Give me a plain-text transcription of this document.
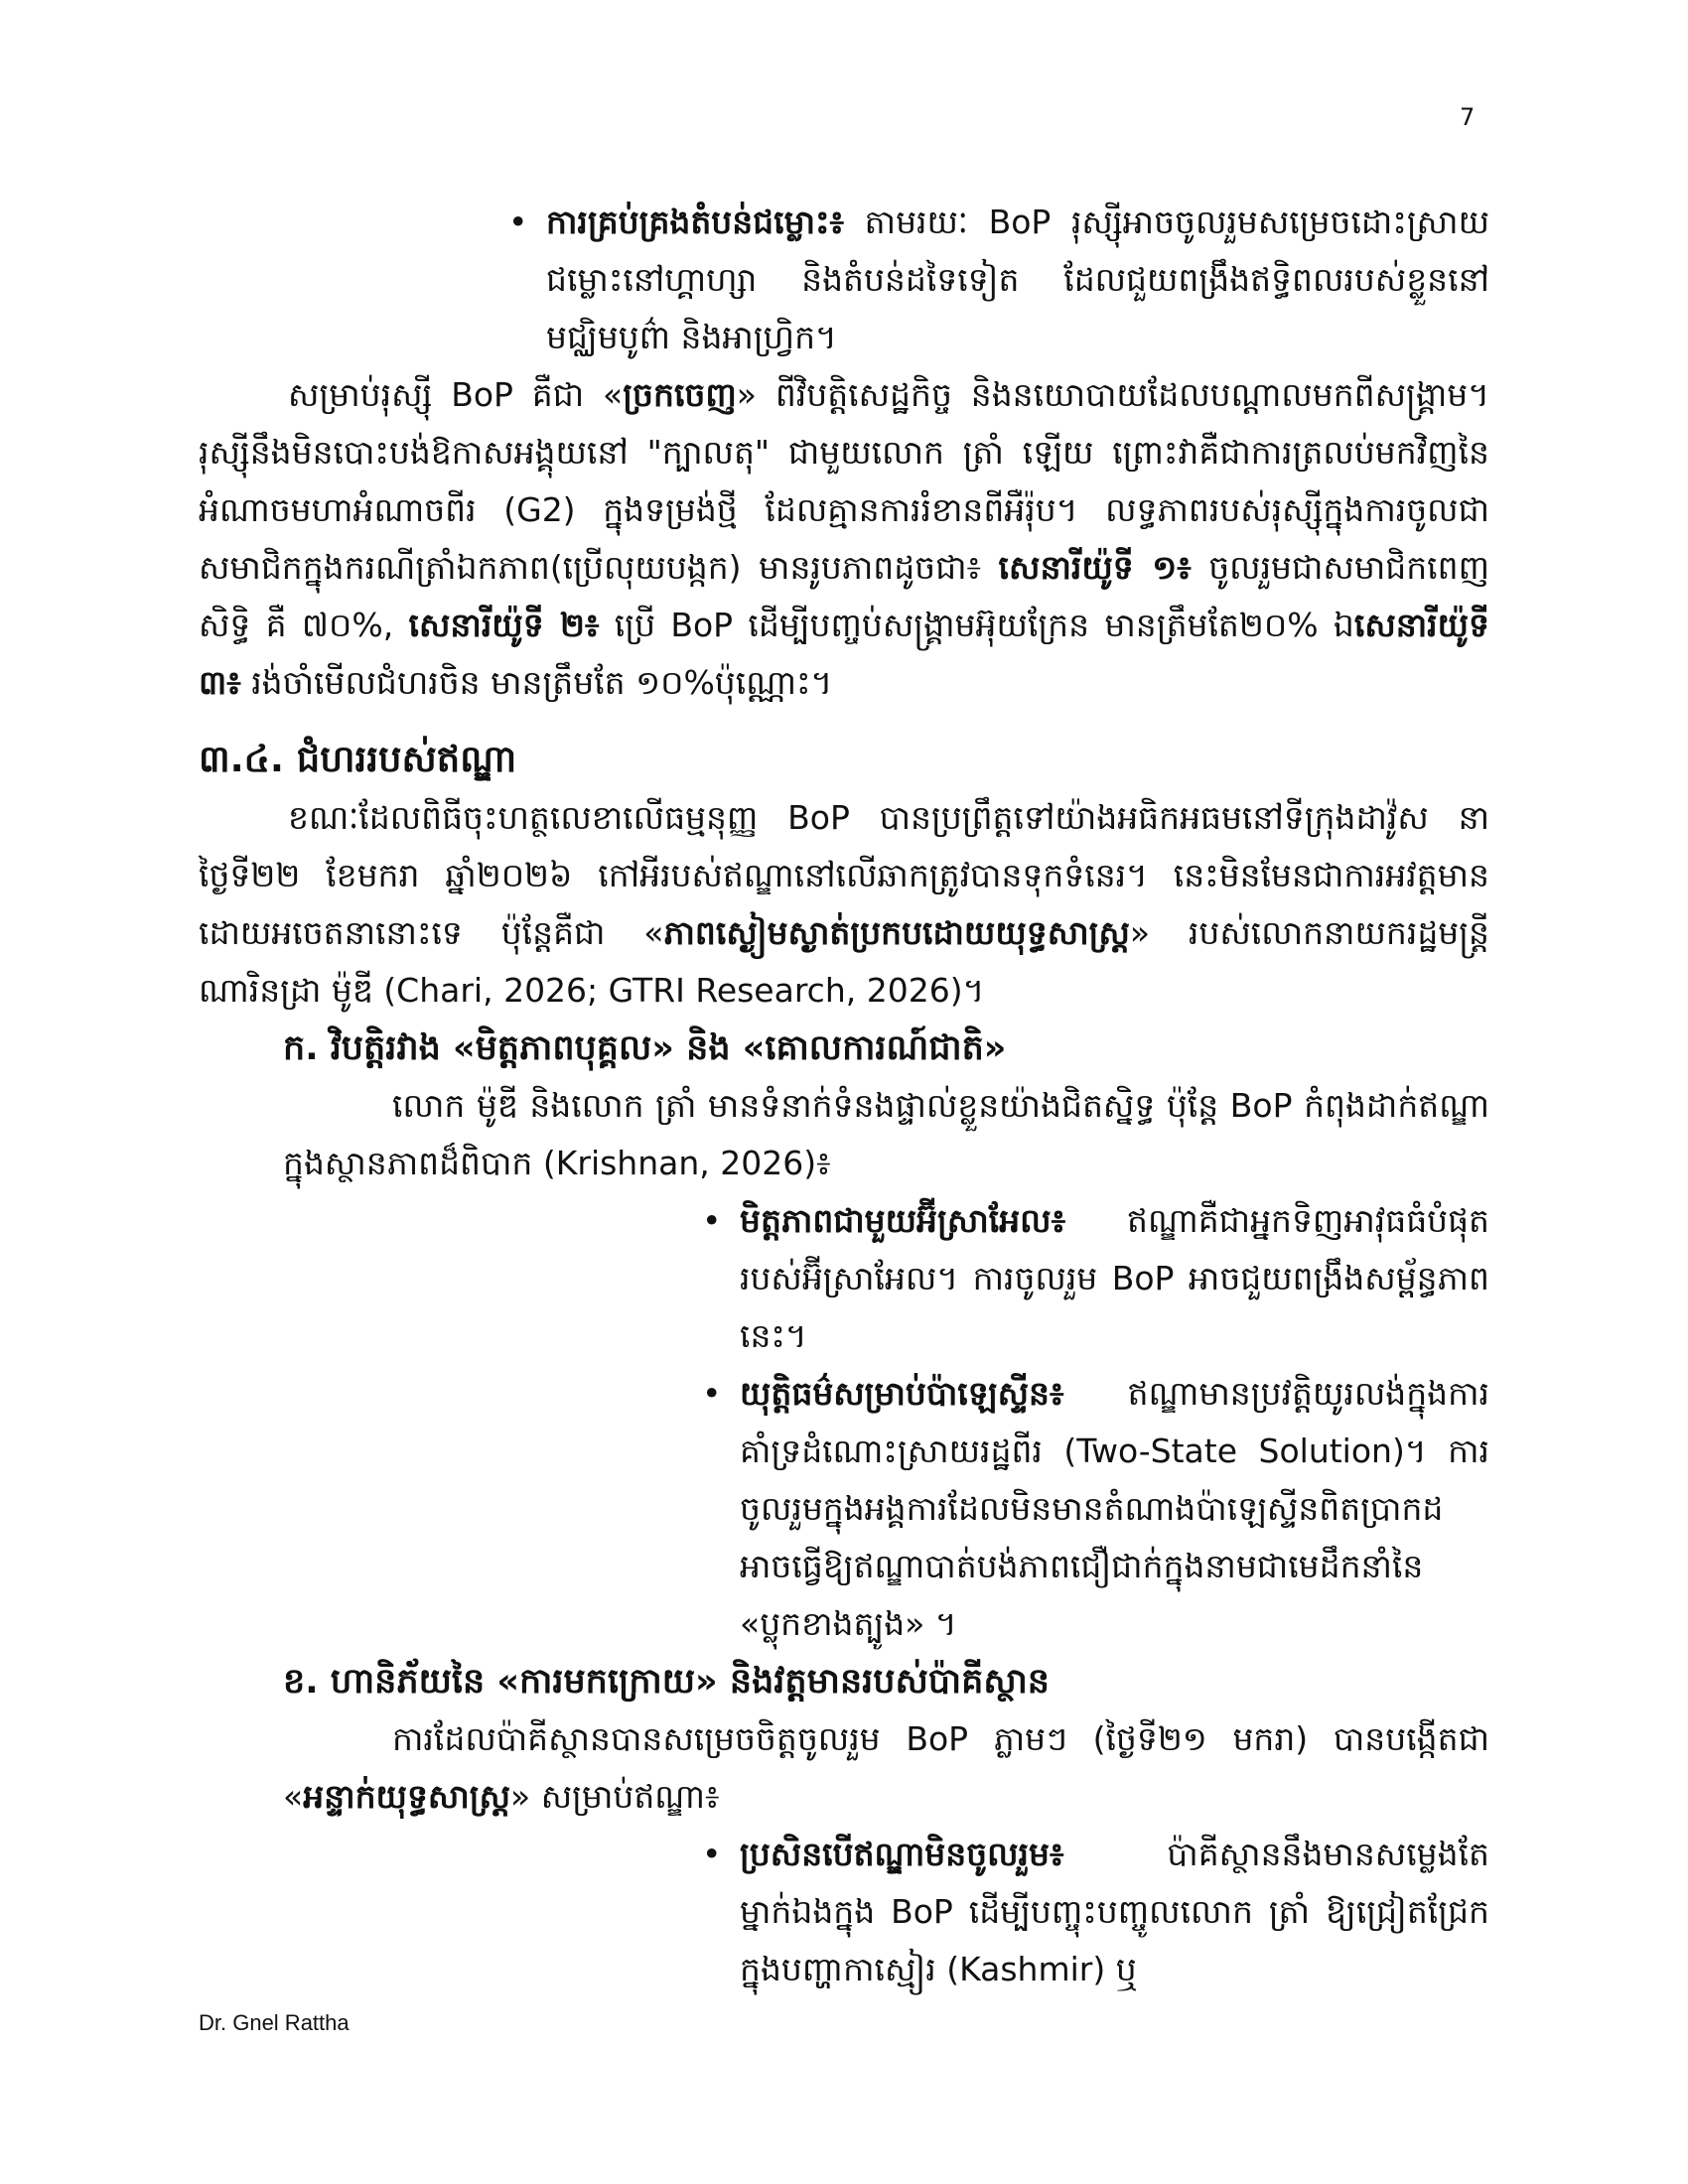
7
• ការគ្រប់គ្រងតំបន់ជម្លោះ៖ តាមរយៈ BoP រុស្ស៊ីអាចចូលរួមសម្រេចដោះស្រាយជម្លោះនៅហ្គាហ្សា និងតំបន់ដទៃទៀត ដែលជួយពង្រឹងឥទ្ធិពលរបស់ខ្លួននៅមជ្ឈិមបូព៌ា និងអាហ្វ្រិក។

សម្រាប់រុស្ស៊ី BoP គឺជា «ច្រកចេញ» ពីវិបត្តិសេដ្ឋកិច្ច និងនយោបាយដែលបណ្តាលមកពីសង្គ្រាម។ រុស្ស៊ីនឹងមិនបោះបង់ឱកាសអង្គុយនៅ "ក្បាលតុ" ជាមួយលោក ត្រាំ ឡើយ ព្រោះវាគឺជាការត្រលប់មកវិញនៃអំណាចមហាអំណាចពីរ (G2) ក្នុងទម្រង់ថ្មី ដែលគ្មានការរំខានពីអឺរ៉ុប។ លទ្ធភាពរបស់រុស្ស៊ីក្នុងការចូលជាសមាជិកក្នុងករណីត្រាំឯកភាព(ប្រើលុយបង្កក) មានរូបភាពដូចជា៖ សេនារីយ៉ូទី ១៖ ចូលរួមជាសមាជិកពេញសិទ្ធិ គឺ ៧០%, សេនារីយ៉ូទី ២៖ ប្រើ BoP ដើម្បីបញ្ចប់សង្គ្រាមអ៊ុយក្រែន មានត្រឹមតែ២០% ឯសេនារីយ៉ូទី ៣៖ រង់ចាំមើលជំហរចិន មានត្រឹមតែ ១០%ប៉ុណ្ណោះ។

៣.៤. ជំហររបស់ឥណ្ឌា

ខណៈដែលពិធីចុះហត្ថលេខាលើធម្មនុញ្ញ BoP បានប្រព្រឹត្តទៅយ៉ាងអធិកអធមនៅទីក្រុងដាវ៉ូស នាថ្ងៃទី២២ ខែមករា ឆ្នាំ២០២៦ កៅអីរបស់ឥណ្ឌានៅលើឆាកត្រូវបានទុកទំនេរ។ នេះមិនមែនជាការអវត្តមានដោយអចេតនានោះទេ ប៉ុន្តែគឺជា «ភាពស្ងៀមស្ងាត់ប្រកបដោយយុទ្ធសាស្ត្រ» របស់លោកនាយករដ្ឋមន្ត្រី ណារិនដ្រា ម៉ូឌី (Chari, 2026; GTRI Research, 2026)។

ក. វិបត្តិរវាង «មិត្តភាពបុគ្គល» និង «គោលការណ៍ជាតិ»

លោក ម៉ូឌី និងលោក ត្រាំ មានទំនាក់ទំនងផ្ទាល់ខ្លួនយ៉ាងជិតស្និទ្ធ ប៉ុន្តែ BoP កំពុងដាក់ឥណ្ឌាក្នុងស្ថានភាពដ៏ពិបាក (Krishnan, 2026)៖

• មិត្តភាពជាមួយអ៊ីស្រាអែល៖ ឥណ្ឌាគឺជាអ្នកទិញអាវុធធំបំផុតរបស់អ៊ីស្រាអែល។ ការចូលរួម BoP អាចជួយពង្រឹងសម្ព័ន្ធភាពនេះ។
• យុត្តិធម៌សម្រាប់ប៉ាឡេស្ទីន៖ ឥណ្ឌាមានប្រវត្តិយូរលង់ក្នុងការគាំទ្រដំណោះស្រាយរដ្ឋពីរ (Two-State Solution)។ ការចូលរួមក្នុងអង្គការដែលមិនមានតំណាងប៉ាឡេស្ទីនពិតប្រាកដ អាចធ្វើឱ្យឥណ្ឌាបាត់បង់ភាពជឿជាក់ក្នុងនាមជាមេដឹកនាំនៃ «ប្លុកខាងត្បូង» ។
ខ. ហានិភ័យនៃ «ការមកក្រោយ» និងវត្តមានរបស់ប៉ាគីស្ថាន

ការដែលប៉ាគីស្ថានបានសម្រេចចិត្តចូលរួម BoP ភ្លាមៗ (ថ្ងៃទី២១ មករា) បានបង្កើតជា «អន្ទាក់យុទ្ធសាស្ត្រ» សម្រាប់ឥណ្ឌា៖

• ប្រសិនបើឥណ្ឌាមិនចូលរួម៖ ប៉ាគីស្ថាននឹងមានសម្លេងតែម្នាក់ឯងក្នុង BoP ដើម្បីបញ្ចុះបញ្ចូលលោក ត្រាំ ឱ្យជ្រៀតជ្រែកក្នុងបញ្ហាកាស្មៀរ (Kashmir) ឬ
Dr. Gnel Rattha
